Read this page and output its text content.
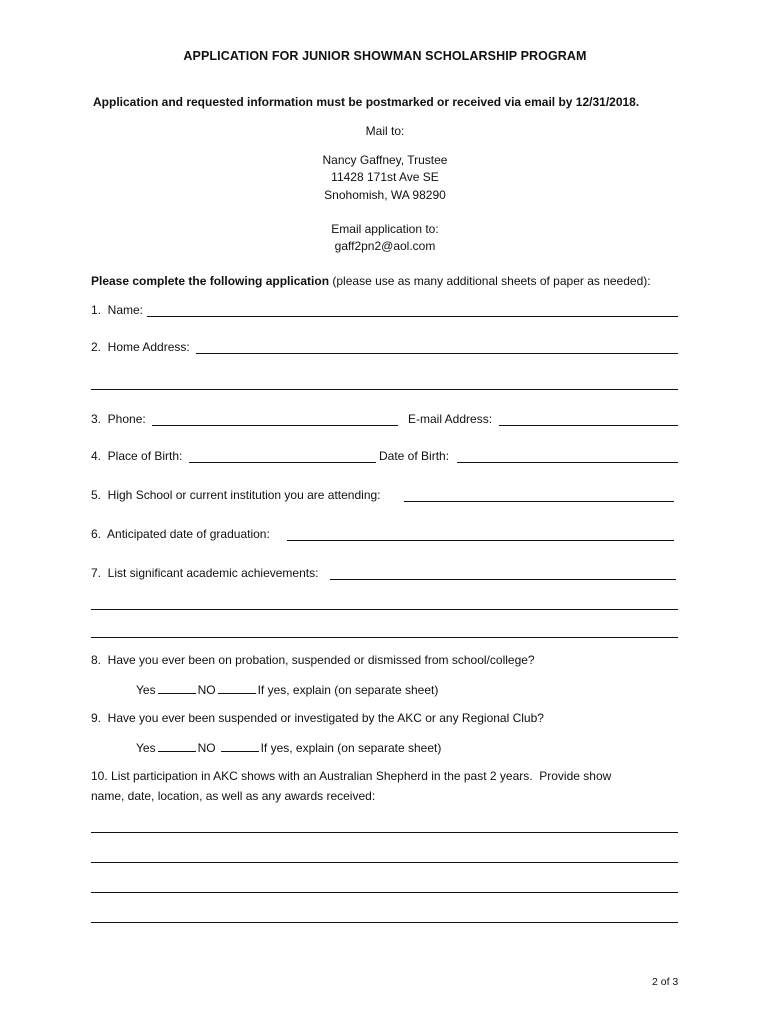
APPLICATION FOR JUNIOR SHOWMAN SCHOLARSHIP PROGRAM
Application and requested information must be postmarked or received via email by 12/31/2018.
Mail to:
Nancy Gaffney, Trustee
11428 171st Ave SE
Snohomish, WA 98290
Email application to:
gaff2pn2@aol.com
Please complete the following application (please use as many additional sheets of paper as needed):
1.  Name:
2.  Home Address:
3.  Phone:	E-mail Address:
4.  Place of Birth:	Date of Birth:
5.  High School or current institution you are attending:
6.  Anticipated date of graduation:
7.  List significant academic achievements:
8.  Have you ever been on probation, suspended or dismissed from school/college?
Yes	NO	If yes, explain (on separate sheet)
9.  Have you ever been suspended or investigated by the AKC or any Regional Club?
Yes	NO	If yes, explain (on separate sheet)
10. List participation in AKC shows with an Australian Shepherd in the past 2 years.  Provide show
name, date, location, as well as any awards received:
2 of 3
